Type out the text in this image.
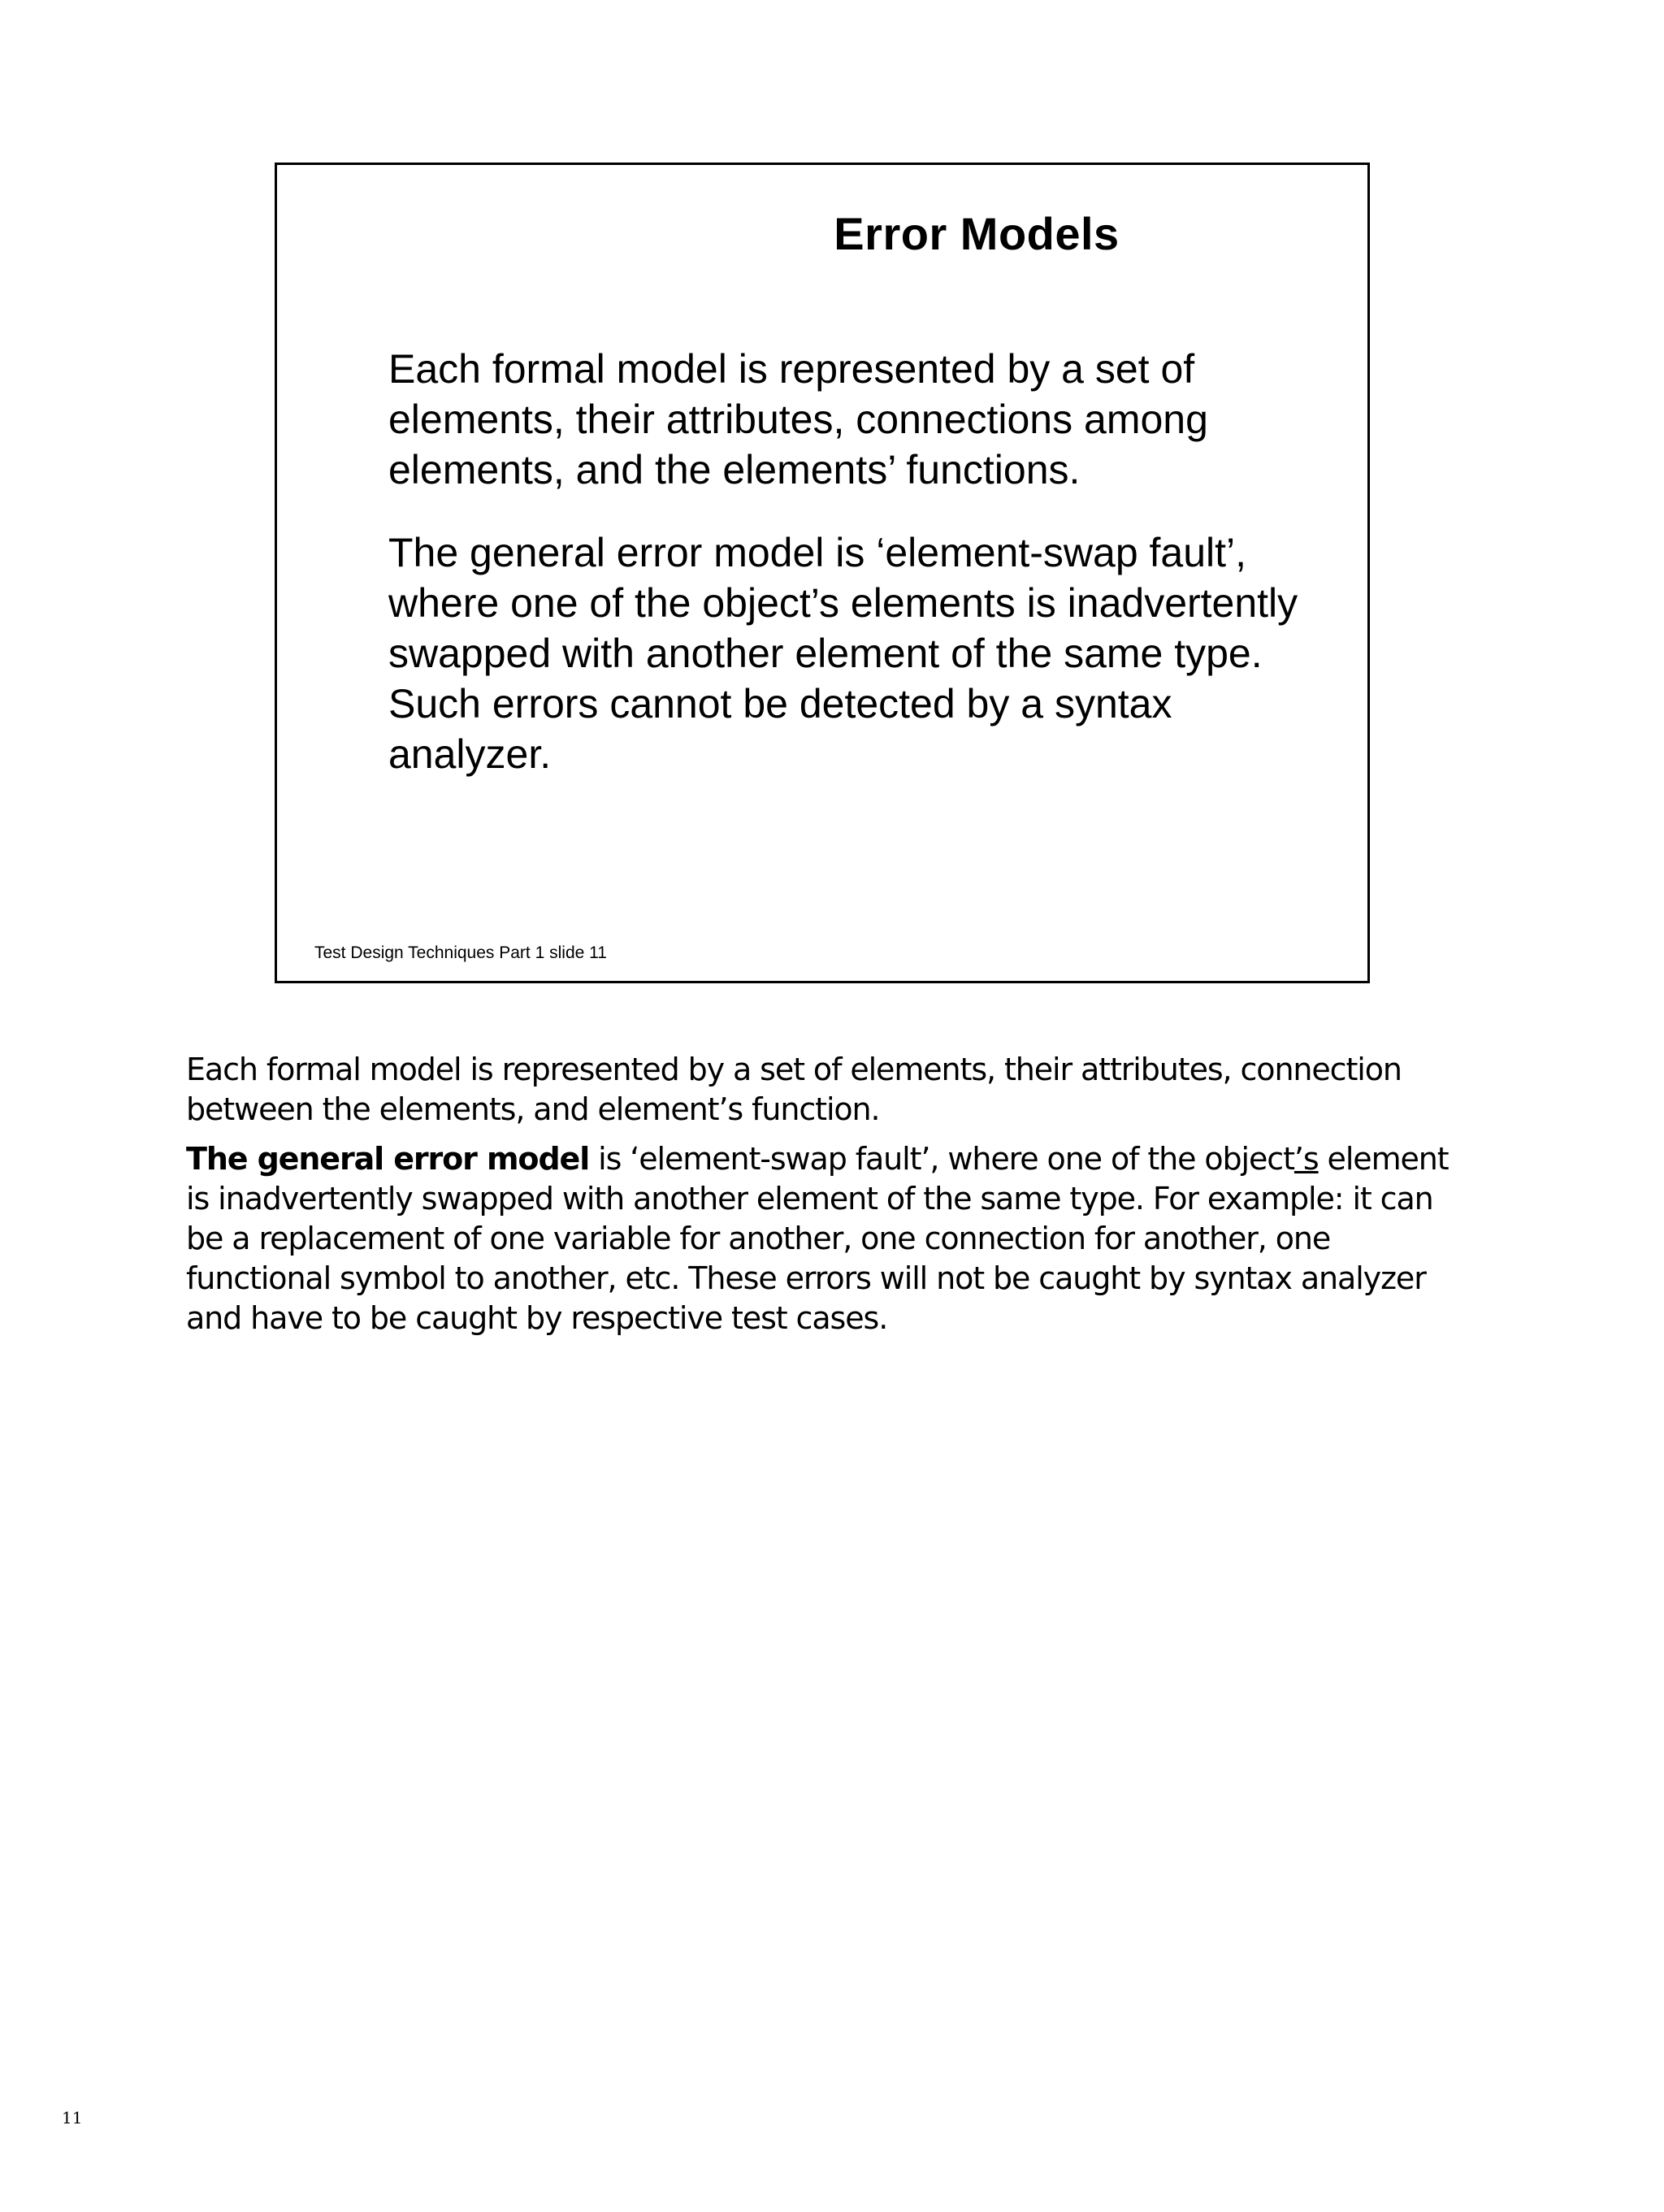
Error Models

Each formal model is represented by a set of elements, their attributes, connections among elements, and the elements’ functions.

The general error model is ‘element-swap fault’, where one of the object’s elements is inadvertently swapped with another element of the same type. Such errors cannot be detected by a syntax analyzer.

Test Design Techniques Part 1 slide 11

Each formal model is represented by a set of elements, their attributes, connection between the elements, and element’s function.

The general error model is ‘element-swap fault’, where one of the object’s element is inadvertently swapped with another element of the same type. For example: it can be a replacement of one variable for another, one connection for another, one functional symbol to another, etc. These errors will not be caught by syntax analyzer and have to be caught by respective test cases.

11
